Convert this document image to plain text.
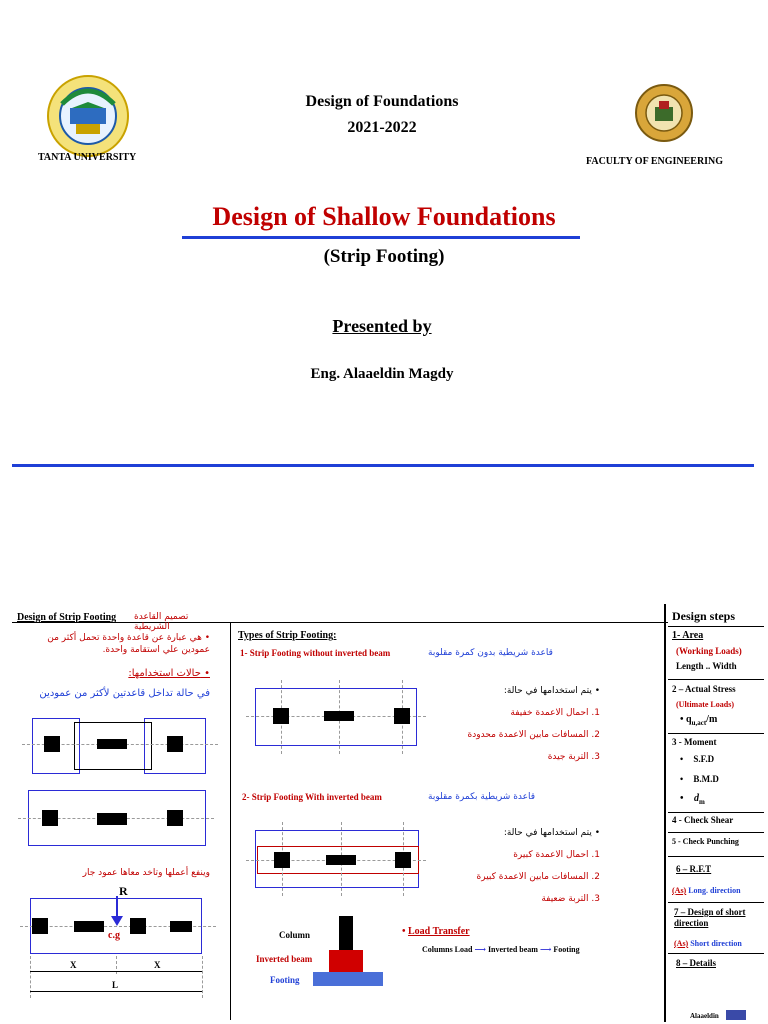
TANTA UNIVERSITY
Design of Foundations
2021-2022
FACULTY OF ENGINEERING
Design of Shallow Foundations
(Strip Footing)
Presented by
Eng. Alaaeldin Magdy
Design of Strip Footing تصميم القاعدة الشريطية
• هي عبارة عن قاعدة واحدة تحمل أكثر من عمودين علي استقامة واحدة.
• حالات استخدامها:
في حالة تداخل قاعدتين لأكثر من عمودين
وينفع أعملها وتاخد معاها عمود جار
R
c.g
X	X
L
Types of Strip Footing:
1- Strip Footing without inverted beam	قاعدة شريطية بدون كمرة مقلوبة
• يتم استخدامها في حالة:
1. احمال الاعمدة خفيفة
2. المسافات مابين الاعمدة محدودة
3. التربة جيدة
2- Strip Footing With inverted beam	قاعدة شريطية بكمرة مقلوبة
• يتم استخدامها في حالة:
1. احمال الاعمدة كبيرة
2. المسافات مابين الاعمدة كبيرة
3. التربة ضعيفة
Column
Inverted beam
Footing
• Load Transfer
Columns Load ⟶ Inverted beam ⟶ Footing
Design steps
1- Area
(Working Loads)
Length .. Width
2 – Actual Stress
(Ultimate Loads)
• $q_{u,act}/m$
3 - Moment
• S.F.D
• B.M.D
• $d_m$
4 - Check Shear
5 - Check Punching
6 – R.F.T
(As) Long. direction
7 – Design of short direction
(As) Short direction
8 – Details
Alaaeldin
